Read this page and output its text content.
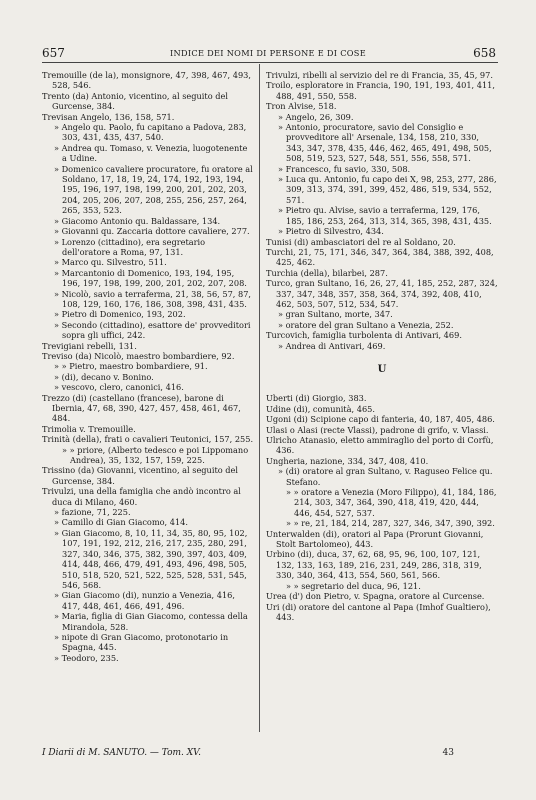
657	INDICE DEI NOMI DI PERSONE E DI COSE	658
Tremouille (de la), monsignore, 47, 398, 467, 493, 528, 546.
Trento (da) Antonio, vicentino, al seguito del Gurcense, 384.
Trevisan Angelo, 136, 158, 571.
» Angelo qu. Paolo, fu capitano a Padova, 283, 303, 431, 435, 437, 540.
» Andrea qu. Tomaso, v. Venezia, luogotenente a Udine.
» Domenico cavaliere procuratore, fu oratore al Soldano, 17, 18, 19, 24, 174, 192, 193, 194, 195, 196, 197, 198, 199, 200, 201, 202, 203, 204, 205, 206, 207, 208, 255, 256, 257, 264, 265, 353, 523.
» Giacomo Antonio qu. Baldassare, 134.
» Giovanni qu. Zaccaria dottore cavaliere, 277.
» Lorenzo (cittadino), era segretario dell'oratore a Roma, 97, 131.
» Marco qu. Silvestro, 511.
» Marcantonio di Domenico, 193, 194, 195, 196, 197, 198, 199, 200, 201, 202, 207, 208.
» Nicolò, savio a terraferma, 21, 38, 56, 57, 87, 108, 129, 160, 176, 186, 308, 398, 431, 435.
» Pietro di Domenico, 193, 202.
» Secondo (cittadino), esattore de' provveditori sopra gli uffici, 242.
Trevigiani rebelli, 131.
Treviso (da) Nicolò, maestro bombardiere, 92.
» » Pietro, maestro bombardiere, 91.
» (di), decano v. Bonino.
» vescovo, clero, canonici, 416.
Trezzo (di) (castellano (francese), barone di Ibernia, 47, 68, 390, 427, 457, 458, 461, 467, 484.
Trimolia v. Tremouille.
Trinità (della), frati o cavalieri Teutonici, 157, 255.
» » priore, (Alberto tedesco e poi Lippomano Andrea), 35, 132, 157, 159, 225.
Trissino (da) Giovanni, vicentino, al seguito del Gurcense, 384.
Trivulzi, una della famiglia che andò incontro al duca di Milano, 460.
» fazione, 71, 225.
» Camillo di Gian Giacomo, 414.
» Gian Giacomo, 8, 10, 11, 34, 35, 80, 95, 102, 107, 191, 192, 212, 216, 217, 235, 280, 291, 327, 340, 346, 375, 382, 390, 397, 403, 409, 414, 448, 466, 479, 491, 493, 496, 498, 505, 510, 518, 520, 521, 522, 525, 528, 531, 545, 546, 568.
» Gian Giacomo (di), nunzio a Venezia, 416, 417, 448, 461, 466, 491, 496.
» Maria, figlia di Gian Giacomo, contessa della Mirandola, 528.
» nipote di Gran Giacomo, protonotario in Spagna, 445.
» Teodoro, 235.
Trivulzi, ribelli al servizio del re di Francia, 35, 45, 97.
Troilo, esploratore in Francia, 190, 191, 193, 401, 411, 488, 491, 550, 558.
Tron Alvise, 518.
» Angelo, 26, 309.
» Antonio, procuratore, savio del Consiglio e provveditore all' Arsenale, 134, 158, 210, 330, 343, 347, 378, 435, 446, 462, 465, 491, 498, 505, 508, 519, 523, 527, 548, 551, 556, 558, 571.
» Francesco, fu savio, 330, 508.
» Luca qu. Antonio, fu capo dei X, 98, 253, 277, 286, 309, 313, 374, 391, 399, 452, 486, 519, 534, 552, 571.
» Pietro qu. Alvise, savio a terraferma, 129, 176, 185, 186, 253, 264, 313, 314, 365, 398, 431, 435.
» Pietro di Silvestro, 434.
Tunisi (di) ambasciatori del re al Soldano, 20.
Turchi, 21, 75, 171, 346, 347, 364, 384, 388, 392, 408, 425, 462.
Turchia (della), bilarbei, 287.
Turco, gran Sultano, 16, 26, 27, 41, 185, 252, 287, 324, 337, 347, 348, 357, 358, 364, 374, 392, 408, 410, 462, 503, 507, 512, 534, 547.
» gran Sultano, morte, 347.
» oratore del gran Sultano a Venezia, 252.
Turcovich, famiglia turbolenta di Antivari, 469.
» Andrea di Antivari, 469.
U
Uberti (di) Giorgio, 383.
Udine (di), comunità, 465.
Ugoni (di) Scipione capo di fanteria, 40, 187, 405, 486.
Ulasi o Alasi (recte Vlassi), padrone di grifo, v. Vlassi.
Ulricho Atanasio, eletto ammiraglio del porto di Corfù, 436.
Ungheria, nazione, 334, 347, 408, 410.
» (di) oratore al gran Sultano, v. Raguseo Felice qu. Stefano.
» » oratore a Venezia (Moro Filippo), 41, 184, 186, 214, 303, 347, 364, 390, 418, 419, 420, 444, 446, 454, 527, 537.
» » re, 21, 184, 214, 287, 327, 346, 347, 390, 392.
Unterwalden (di), oratori al Papa (Prorunt Giovanni, Stolt Bartolomeo), 443.
Urbino (di), duca, 37, 62, 68, 95, 96, 100, 107, 121, 132, 133, 163, 189, 216, 231, 249, 286, 318, 319, 330, 340, 364, 413, 554, 560, 561, 566.
» » segretario del duca, 96, 121.
Urea (d') don Pietro, v. Spagna, oratore al Curcense.
Uri (di) oratore del cantone al Papa (Imhof Gualtiero), 443.
I Diarii di M. SANUTO. — Tom. XV.	43
